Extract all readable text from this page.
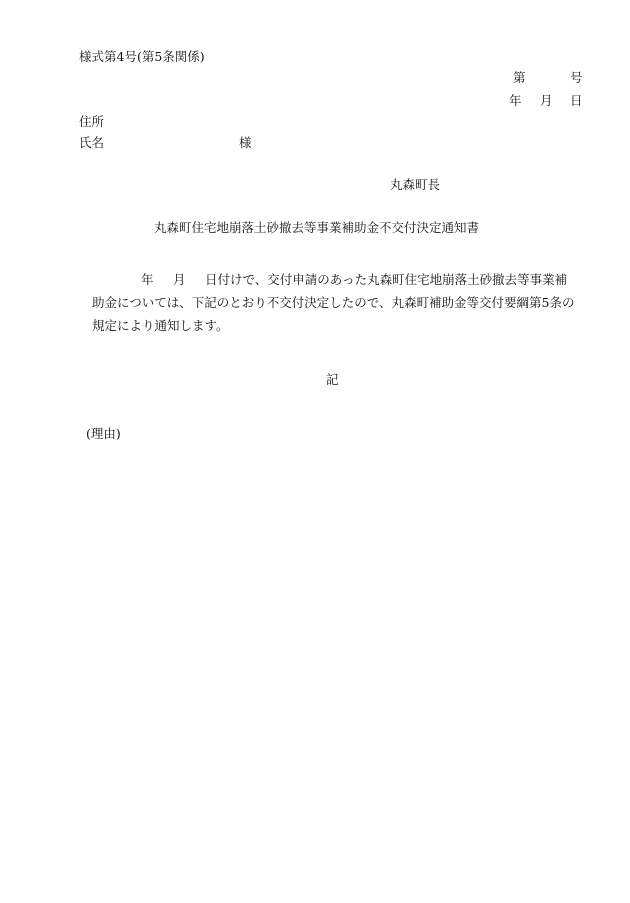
様式第4号(第5条関係)
第	号
年 月 日
住所
氏名	様
丸森町長
丸森町住宅地崩落土砂撤去等事業補助金不交付決定通知書
年 月 日付けで、交付申請のあった丸森町住宅地崩落土砂撤去等事業補
助金については、下記のとおり不交付決定したので、丸森町補助金等交付要綱第5条の
規定により通知します。
記
(理由)
